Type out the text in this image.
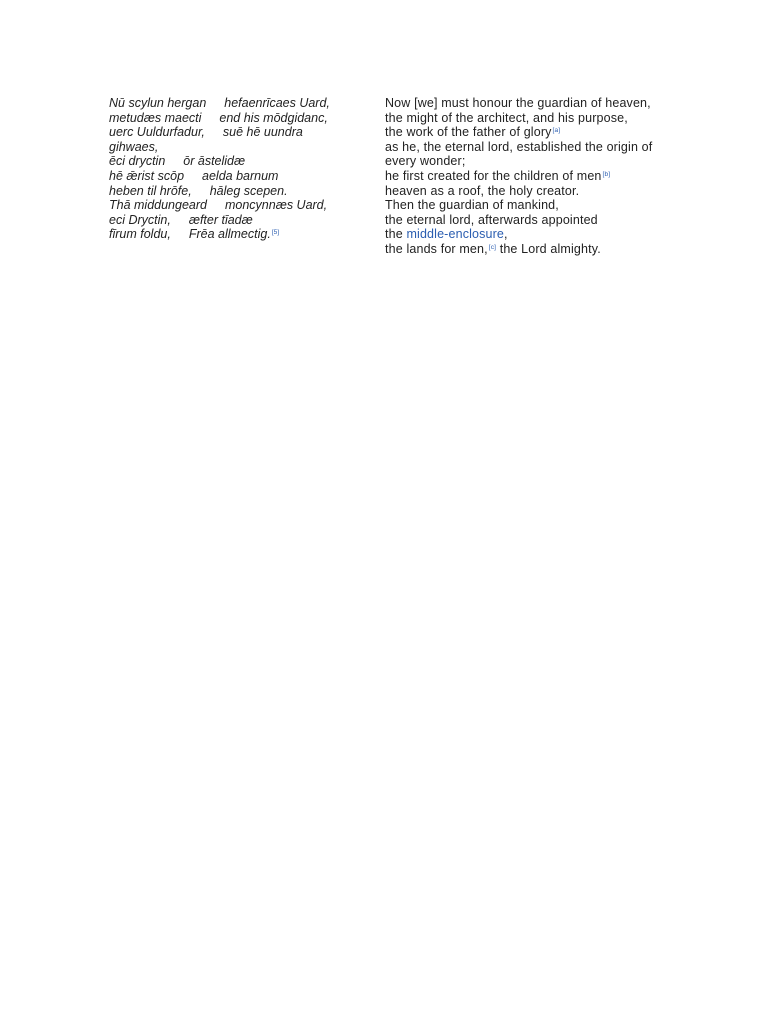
Nū scylun hergan hefaenrīcaes Uard,
metudæs maecti end his mōdgidanc,
uerc Uuldurfadur, suē hē uundra
gihwaes,
ēci dryctin ōr āstelidæ
hē ǣrist scōp aelda barnum
heben til hrōfe, hāleg scepen.
Thā middungeard moncynnæs Uard,
eci Dryctin, æfter tīadæ
fīrum foldu, Frēa allmectig.[5]
Now [we] must honour the guardian of heaven,
the might of the architect, and his purpose,
the work of the father of glory[a]
as he, the eternal lord, established the origin of every wonder;
he first created for the children of men[b]
heaven as a roof, the holy creator.
Then the guardian of mankind,
the eternal lord, afterwards appointed
the middle-enclosure,
the lands for men,[c] the Lord almighty.
